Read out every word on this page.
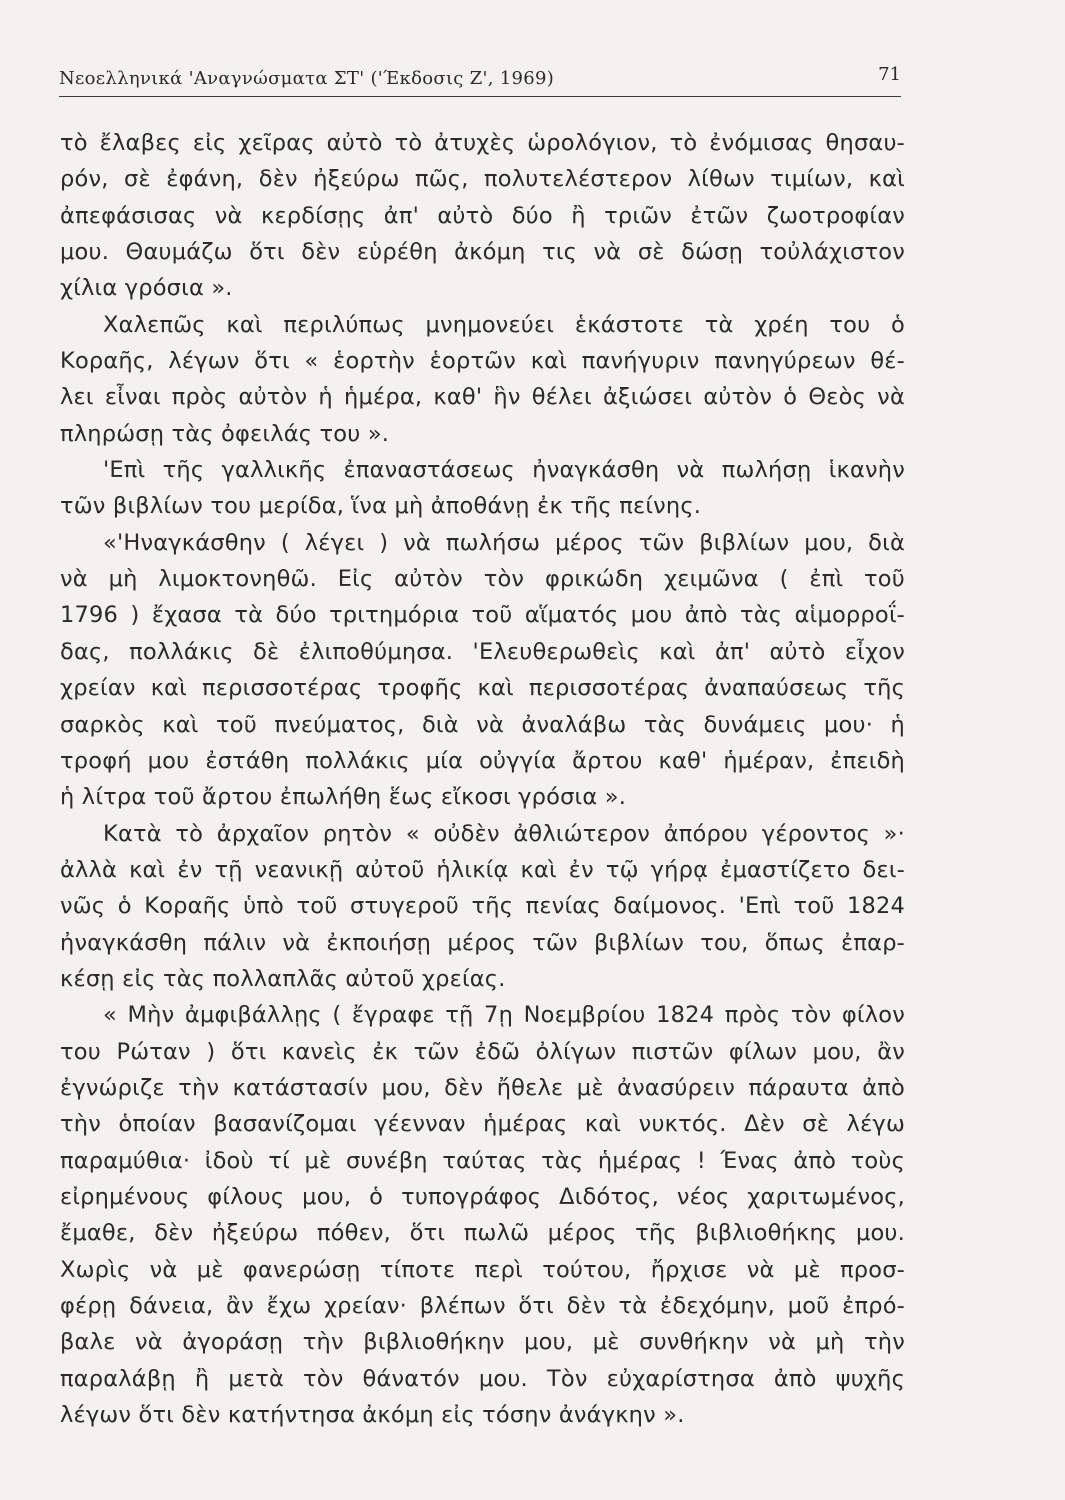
Νεοελληνικά 'Αναγνώσματα ΣΤ' ('Έκδοσις Ζ', 1969)	71
τὸ ἔλαβες εἰς χεῖρας αὐτὸ τὸ ἀτυχὲς ὡρολόγιον, τὸ ἐνόμισας θησαυ-
ρόν, σὲ ἐφάνη, δὲν ἠξεύρω πῶς, πολυτελέστερον λίθων τιμίων, καὶ
ἀπεφάσισας νὰ κερδίσῃς ἀπ' αὐτὸ δύο ἢ τριῶν ἐτῶν ζωοτροφίαν
μου. Θαυμάζω ὅτι δὲν εὑρέθη ἀκόμη τις νὰ σὲ δώσῃ τοὐλάχιστον
χίλια γρόσια ».
Χαλεπῶς καὶ περιλύπως μνημονεύει ἑκάστοτε τὰ χρέη του ὁ
Κοραῆς, λέγων ὅτι « ἑορτὴν ἑορτῶν καὶ πανήγυριν πανηγύρεων θέ-
λει εἶναι πρὸς αὐτὸν ἡ ἡμέρα, καθ' ἣν θέλει ἀξιώσει αὐτὸν ὁ Θεὸς νὰ
πληρώσῃ τὰς ὀφειλάς του ».
'Επὶ τῆς γαλλικῆς ἐπαναστάσεως ἠναγκάσθη νὰ πωλήσῃ ἱκανὴν
τῶν βιβλίων του μερίδα, ἵνα μὴ ἀποθάνῃ ἐκ τῆς πείνης.
«'Ηναγκάσθην ( λέγει ) νὰ πωλήσω μέρος τῶν βιβλίων μου, διὰ
νὰ μὴ λιμοκτονηθῶ. Εἰς αὐτὸν τὸν φρικώδη χειμῶνα ( ἐπὶ τοῦ
1796 ) ἔχασα τὰ δύο τριτημόρια τοῦ αἵματός μου ἀπὸ τὰς αἱμορροΐ-
δας, πολλάκις δὲ ἐλιποθύμησα. 'Ελευθερωθεὶς καὶ ἀπ' αὐτὸ εἶχον
χρείαν καὶ περισσοτέρας τροφῆς καὶ περισσοτέρας ἀναπαύσεως τῆς
σαρκὸς καὶ τοῦ πνεύματος, διὰ νὰ ἀναλάβω τὰς δυνάμεις μου· ἡ
τροφή μου ἐστάθη πολλάκις μία οὐγγία ἄρτου καθ' ἡμέραν, ἐπειδὴ
ἡ λίτρα τοῦ ἄρτου ἐπωλήθη ἕως εἴκοσι γρόσια ».
Κατὰ τὸ ἀρχαῖον ρητὸν « οὐδὲν ἀθλιώτερον ἀπόρου γέροντος »·
ἀλλὰ καὶ ἐν τῇ νεανικῇ αὐτοῦ ἡλικίᾳ καὶ ἐν τῷ γήρᾳ ἐμαστίζετο δει-
νῶς ὁ Κοραῆς ὑπὸ τοῦ στυγεροῦ τῆς πενίας δαίμονος. 'Επὶ τοῦ 1824
ἠναγκάσθη πάλιν νὰ ἐκποιήσῃ μέρος τῶν βιβλίων του, ὅπως ἐπαρ-
κέσῃ εἰς τὰς πολλαπλᾶς αὐτοῦ χρείας.
« Μὴν ἀμφιβάλλῃς ( ἔγραφε τῇ 7ῃ Νοεμβρίου 1824 πρὸς τὸν φίλον
του Ρώταν ) ὅτι κανεὶς ἐκ τῶν ἐδῶ ὀλίγων πιστῶν φίλων μου, ἂν
ἐγνώριζε τὴν κατάστασίν μου, δὲν ἤθελε μὲ ἀνασύρειν πάραυτα ἀπὸ
τὴν ὁποίαν βασανίζομαι γέενναν ἡμέρας καὶ νυκτός. Δὲν σὲ λέγω
παραμύθια· ἰδοὺ τί μὲ συνέβη ταύτας τὰς ἡμέρας ! Ένας ἀπὸ τοὺς
εἰρημένους φίλους μου, ὁ τυπογράφος Διδότος, νέος χαριτωμένος,
ἔμαθε, δὲν ἠξεύρω πόθεν, ὅτι πωλῶ μέρος τῆς βιβλιοθήκης μου.
Χωρὶς νὰ μὲ φανερώσῃ τίποτε περὶ τούτου, ἤρχισε νὰ μὲ προσ-
φέρῃ δάνεια, ἂν ἔχω χρείαν· βλέπων ὅτι δὲν τὰ ἐδεχόμην, μοῦ ἐπρό-
βαλε νὰ ἀγοράσῃ τὴν βιβλιοθήκην μου, μὲ συνθήκην νὰ μὴ τὴν
παραλάβῃ ἢ μετὰ τὸν θάνατόν μου. Τὸν εὐχαρίστησα ἀπὸ ψυχῆς
λέγων ὅτι δὲν κατήντησα ἀκόμη εἰς τόσην ἀνάγκην ».
